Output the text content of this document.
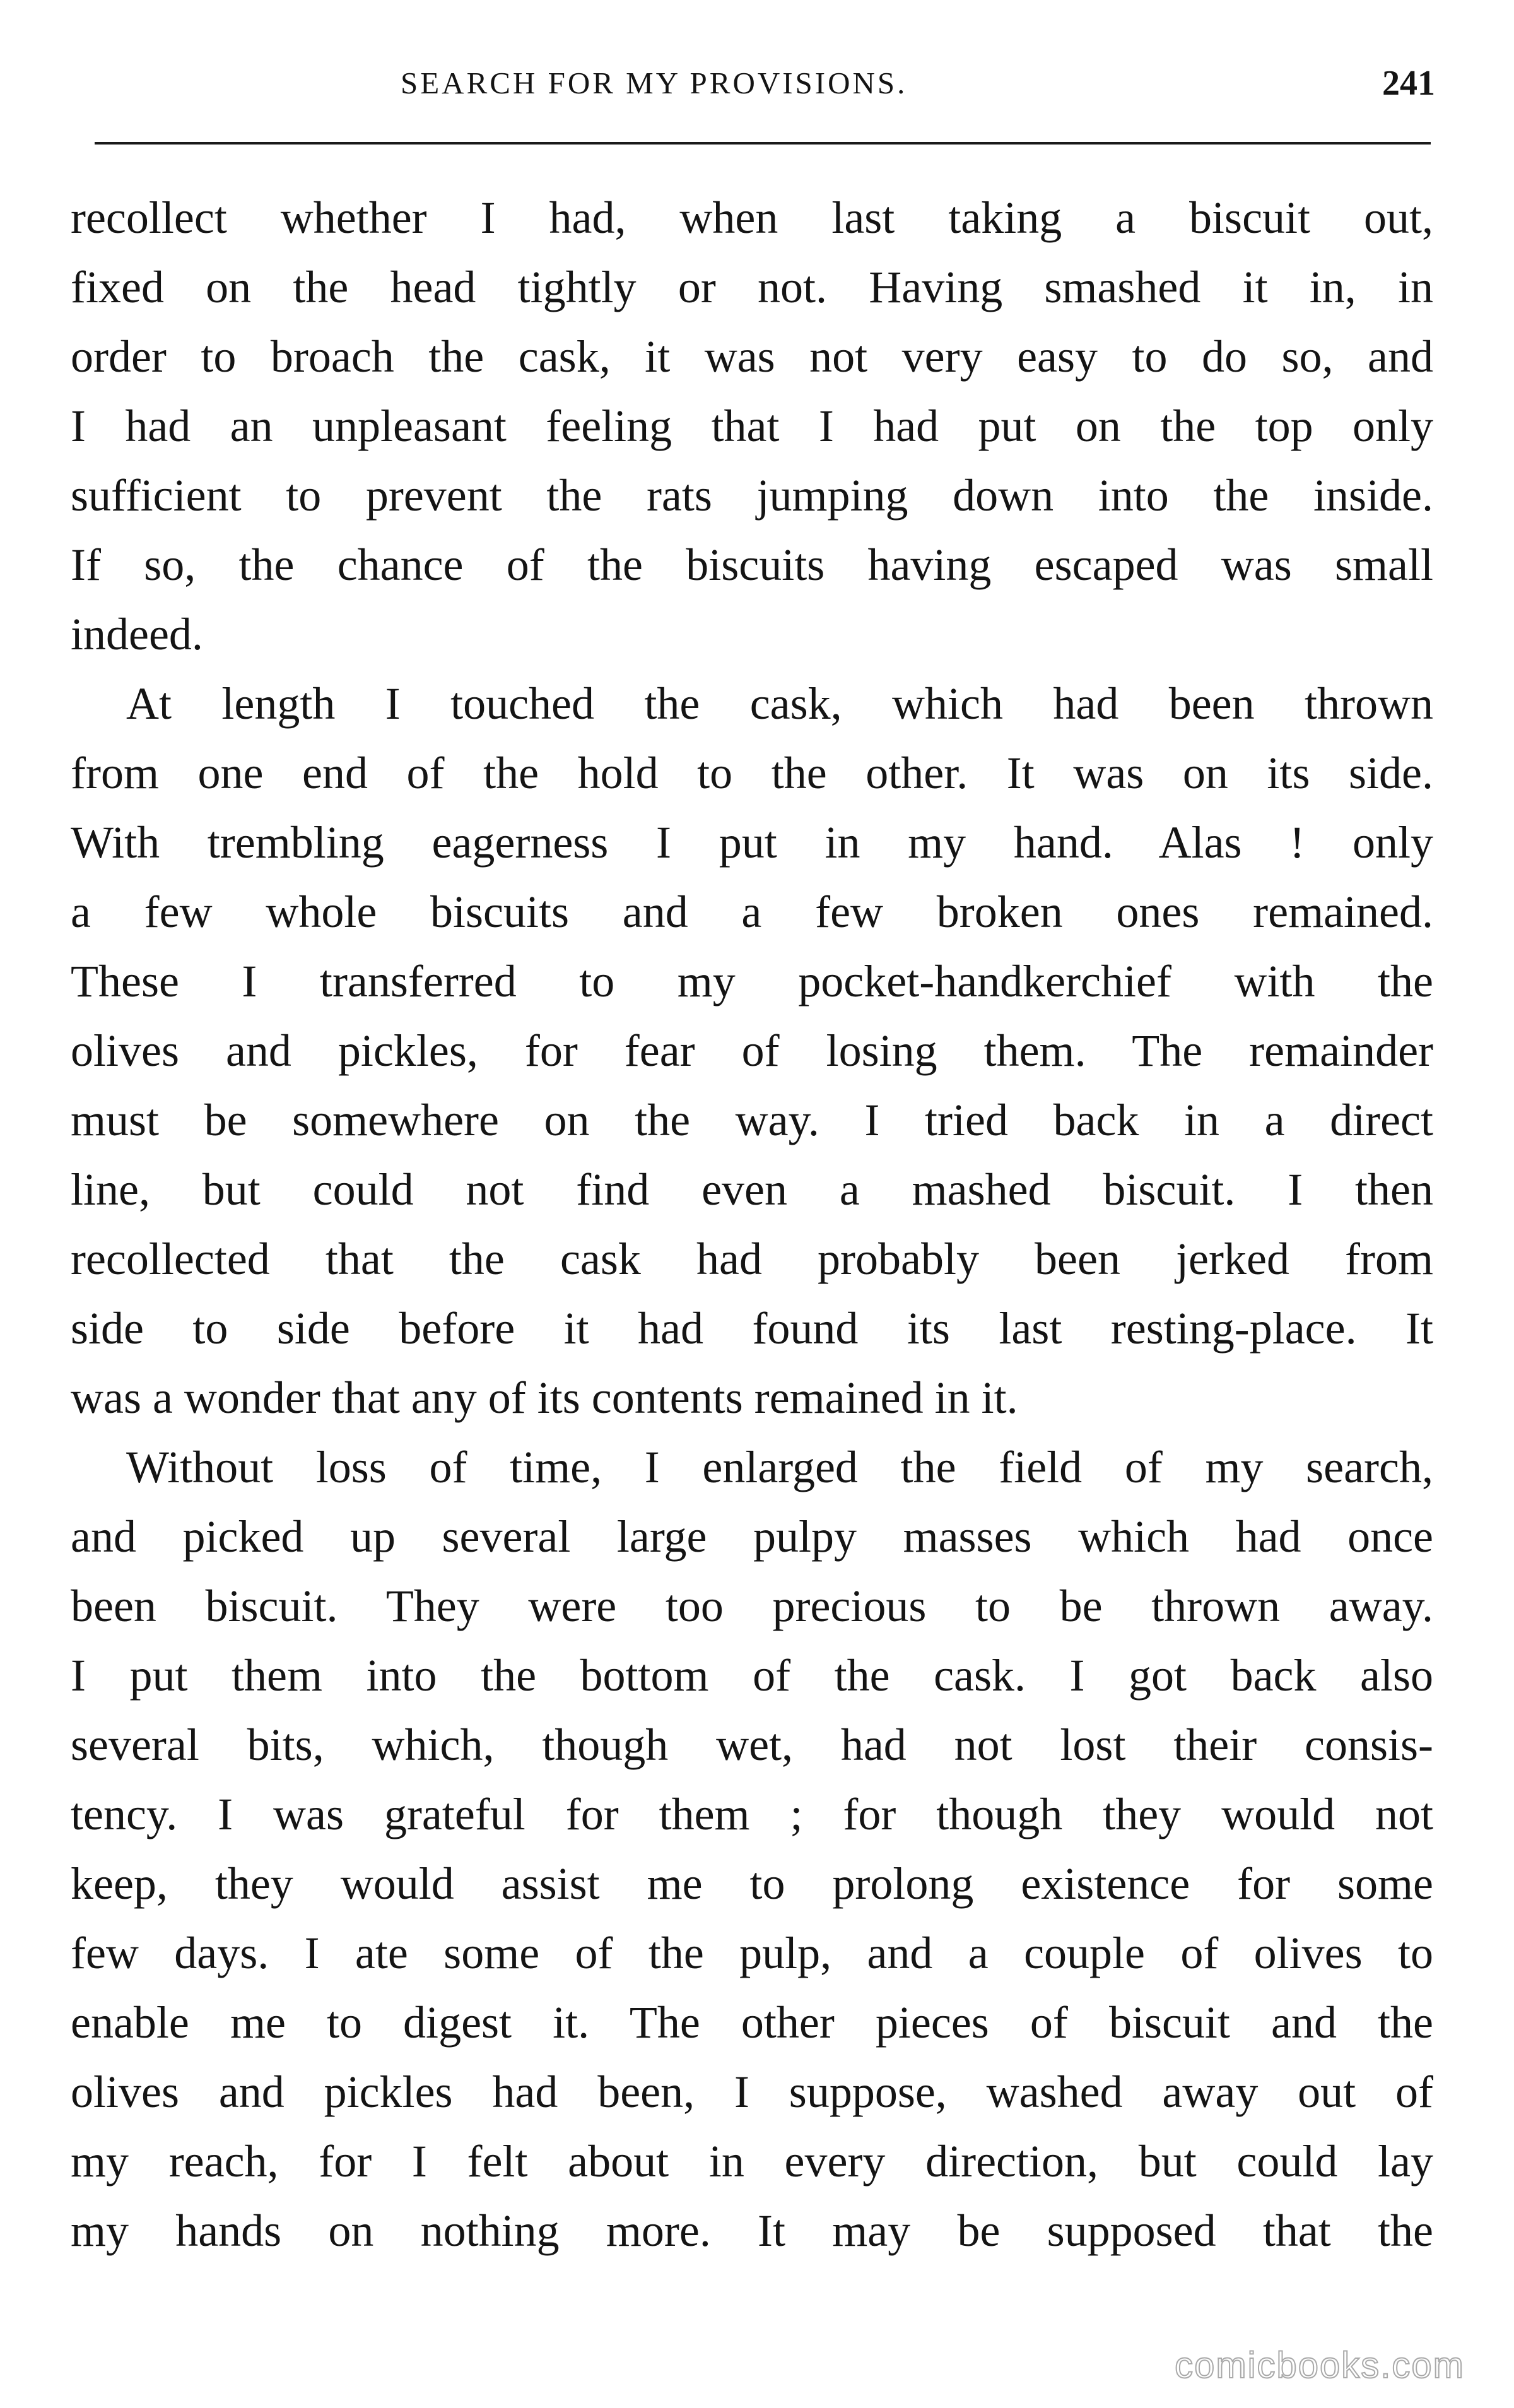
SEARCH FOR MY PROVISIONS.	241
recollect whether I had, when last taking a biscuit out,
fixed on the head tightly or not. Having smashed it in, in
order to broach the cask, it was not very easy to do so, and
I had an unpleasant feeling that I had put on the top only
sufficient to prevent the rats jumping down into the inside.
If so, the chance of the biscuits having escaped was small
indeed.
At length I touched the cask, which had been thrown
from one end of the hold to the other. It was on its side.
With trembling eagerness I put in my hand. Alas ! only
a few whole biscuits and a few broken ones remained.
These I transferred to my pocket-handkerchief with the
olives and pickles, for fear of losing them. The remainder
must be somewhere on the way. I tried back in a direct
line, but could not find even a mashed biscuit. I then
recollected that the cask had probably been jerked from
side to side before it had found its last resting-place. It
was a wonder that any of its contents remained in it.
Without loss of time, I enlarged the field of my search,
and picked up several large pulpy masses which had once
been biscuit. They were too precious to be thrown away.
I put them into the bottom of the cask. I got back also
several bits, which, though wet, had not lost their consis-
tency. I was grateful for them ; for though they would not
keep, they would assist me to prolong existence for some
few days. I ate some of the pulp, and a couple of olives to
enable me to digest it. The other pieces of biscuit and the
olives and pickles had been, I suppose, washed away out of
my reach, for I felt about in every direction, but could lay
my hands on nothing more. It may be supposed that the
comicbooks.com
